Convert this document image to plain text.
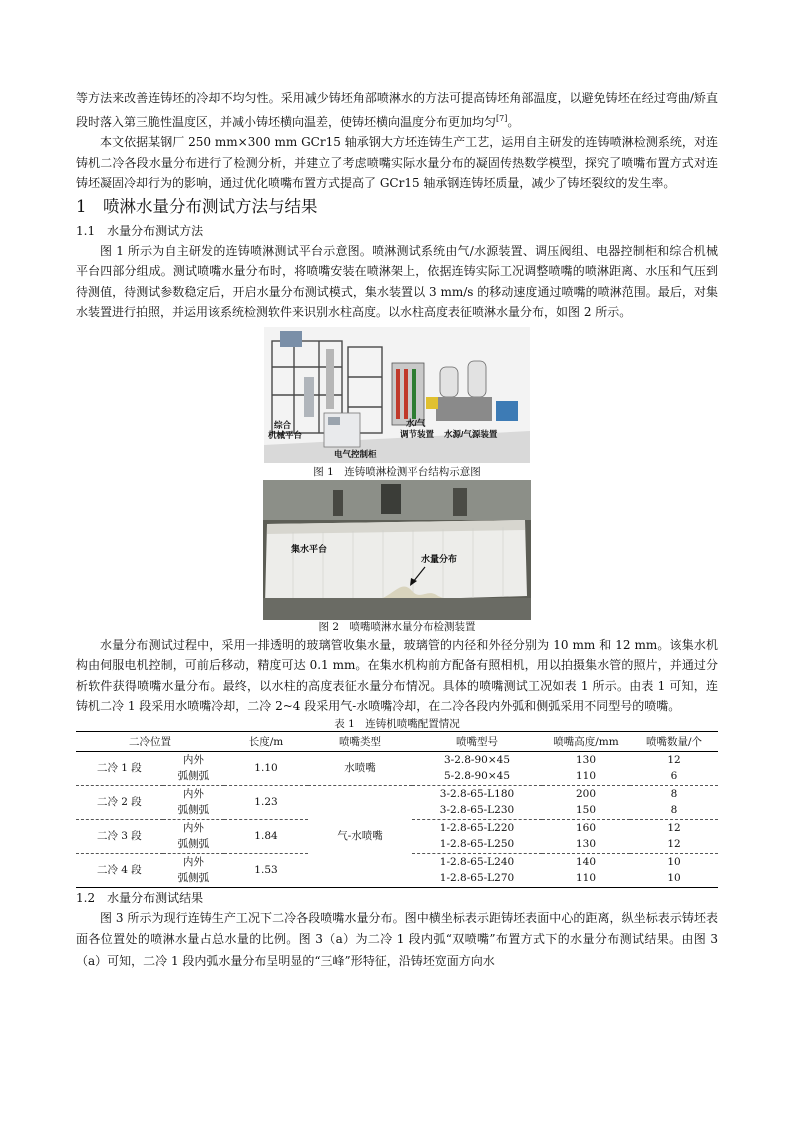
等方法来改善连铸坯的冷却不均匀性。采用减少铸坯角部喷淋水的方法可提高铸坯角部温度，以避免铸坯在经过弯曲/矫直段时落入第三脆性温度区，并减小铸坯横向温差，使铸坯横向温度分布更加均匀[7]。

本文依据某钢厂 250 mm×300 mm GCr15 轴承钢大方坯连铸生产工艺，运用自主研发的连铸喷淋检测系统，对连铸机二冷各段水量分布进行了检测分析，并建立了考虑喷嘴实际水量分布的凝固传热数学模型，探究了喷嘴布置方式对连铸坯凝固冷却行为的影响，通过优化喷嘴布置方式提高了 GCr15 轴承钢连铸坯质量，减少了铸坯裂纹的发生率。

1　喷淋水量分布测试方法与结果
1.1　水量分布测试方法

图 1 所示为自主研发的连铸喷淋测试平台示意图。喷淋测试系统由气/水源装置、调压阀组、电器控制柜和综合机械平台四部分组成。测试喷嘴水量分布时，将喷嘴安装在喷淋架上，依据连铸实际工况调整喷嘴的喷淋距离、水压和气压到待测值，待测试参数稳定后，开启水量分布测试模式，集水装置以 3 mm/s 的移动速度通过喷嘴的喷淋范围。最后，对集水装置进行拍照，并运用该系统检测软件来识别水柱高度。以水柱高度表征喷淋水量分布，如图 2 所示。

综合
机械平台
电气控制柜
水/气
调节装置 水源/气源装置

图 1　连铸喷淋检测平台结构示意图

集水平台
水量分布

图 2　喷嘴喷淋水量分布检测装置

水量分布测试过程中，采用一排透明的玻璃管收集水量，玻璃管的内径和外径分别为 10 mm 和 12 mm。该集水机构由伺服电机控制，可前后移动，精度可达 0.1 mm。在集水机构前方配备有照相机，用以拍摄集水管的照片，并通过分析软件获得喷嘴水量分布。最终，以水柱的高度表征水量分布情况。具体的喷嘴测试工况如表 1 所示。由表 1 可知，连铸机二冷 1 段采用水喷嘴冷却，二冷 2~4 段采用气-水喷嘴冷却，在二冷各段内外弧和侧弧采用不同型号的喷嘴。

表 1　连铸机喷嘴配置情况

二冷位置		长度/m	喷嘴类型	喷嘴型号	喷嘴高度/mm	喷嘴数量/个
二冷 1 段	内外	1.10	水喷嘴	3-2.8-90×45	130	12
	弧侧弧			5-2.8-90×45	110	6
二冷 2 段	内外	1.23	气-水喷嘴	3-2.8-65-L180	200	8
	弧侧弧			3-2.8-65-L230	150	8
二冷 3 段	内外	1.84		1-2.8-65-L220	160	12
	弧侧弧			1-2.8-65-L250	130	12
二冷 4 段	内外	1.53		1-2.8-65-L240	140	10
	弧侧弧			1-2.8-65-L270	110	10
1.2　水量分布测试结果

图 3 所示为现行连铸生产工况下二冷各段喷嘴水量分布。图中横坐标表示距铸坯表面中心的距离，纵坐标表示铸坯表面各位置处的喷淋水量占总水量的比例。图 3（a）为二冷 1 段内弧“双喷嘴”布置方式下的水量分布测试结果。由图 3（a）可知，二冷 1 段内弧水量分布呈明显的“三峰”形特征，沿铸坯宽面方向水
